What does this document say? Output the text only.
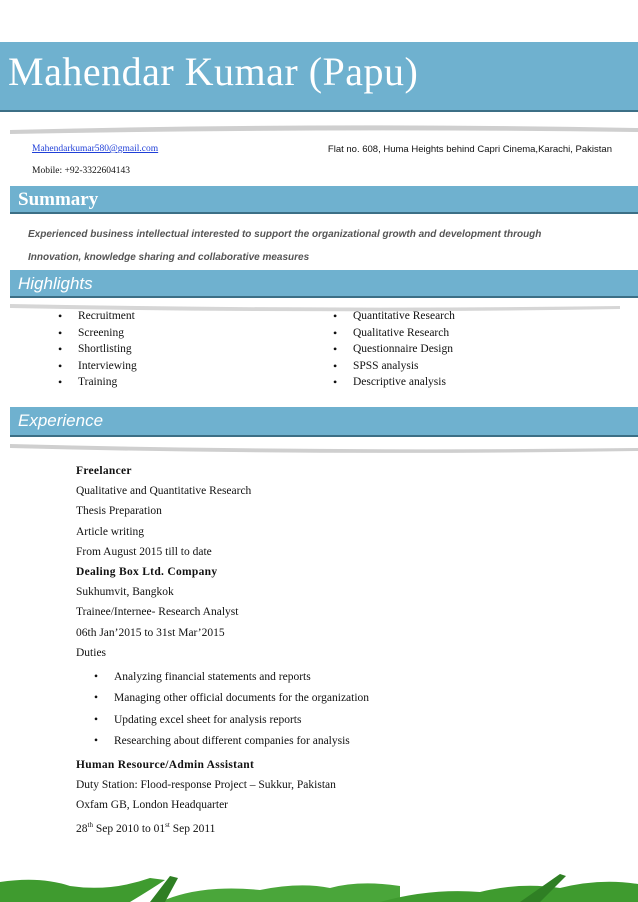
Mahendar Kumar (Papu)
Mahendarkumar580@gmail.com	Flat no. 608, Huma Heights behind Capri Cinema,Karachi, Pakistan
Mobile: +92-3322604143
Summary
Experienced business intellectual interested to support the organizational growth and development through
Innovation, knowledge sharing and collaborative measures
Highlights
• Recruitment
• Screening
• Shortlisting
• Interviewing
• Training
• Quantitative Research
• Qualitative Research
• Questionnaire Design
• SPSS analysis
• Descriptive analysis
Experience
Freelancer
Qualitative and Quantitative Research
Thesis Preparation
Article writing
From August 2015 till to date
Dealing Box Ltd. Company
Sukhumvit, Bangkok
Trainee/Internee- Research Analyst
06th Jan’2015 to 31st Mar’2015
Duties
• Analyzing financial statements and reports
• Managing other official documents for the organization
• Updating excel sheet for analysis reports
• Researching about different companies for analysis
Human Resource/Admin Assistant
Duty Station: Flood-response Project – Sukkur, Pakistan
Oxfam GB, London Headquarter
28th Sep 2010 to 01st Sep 2011
